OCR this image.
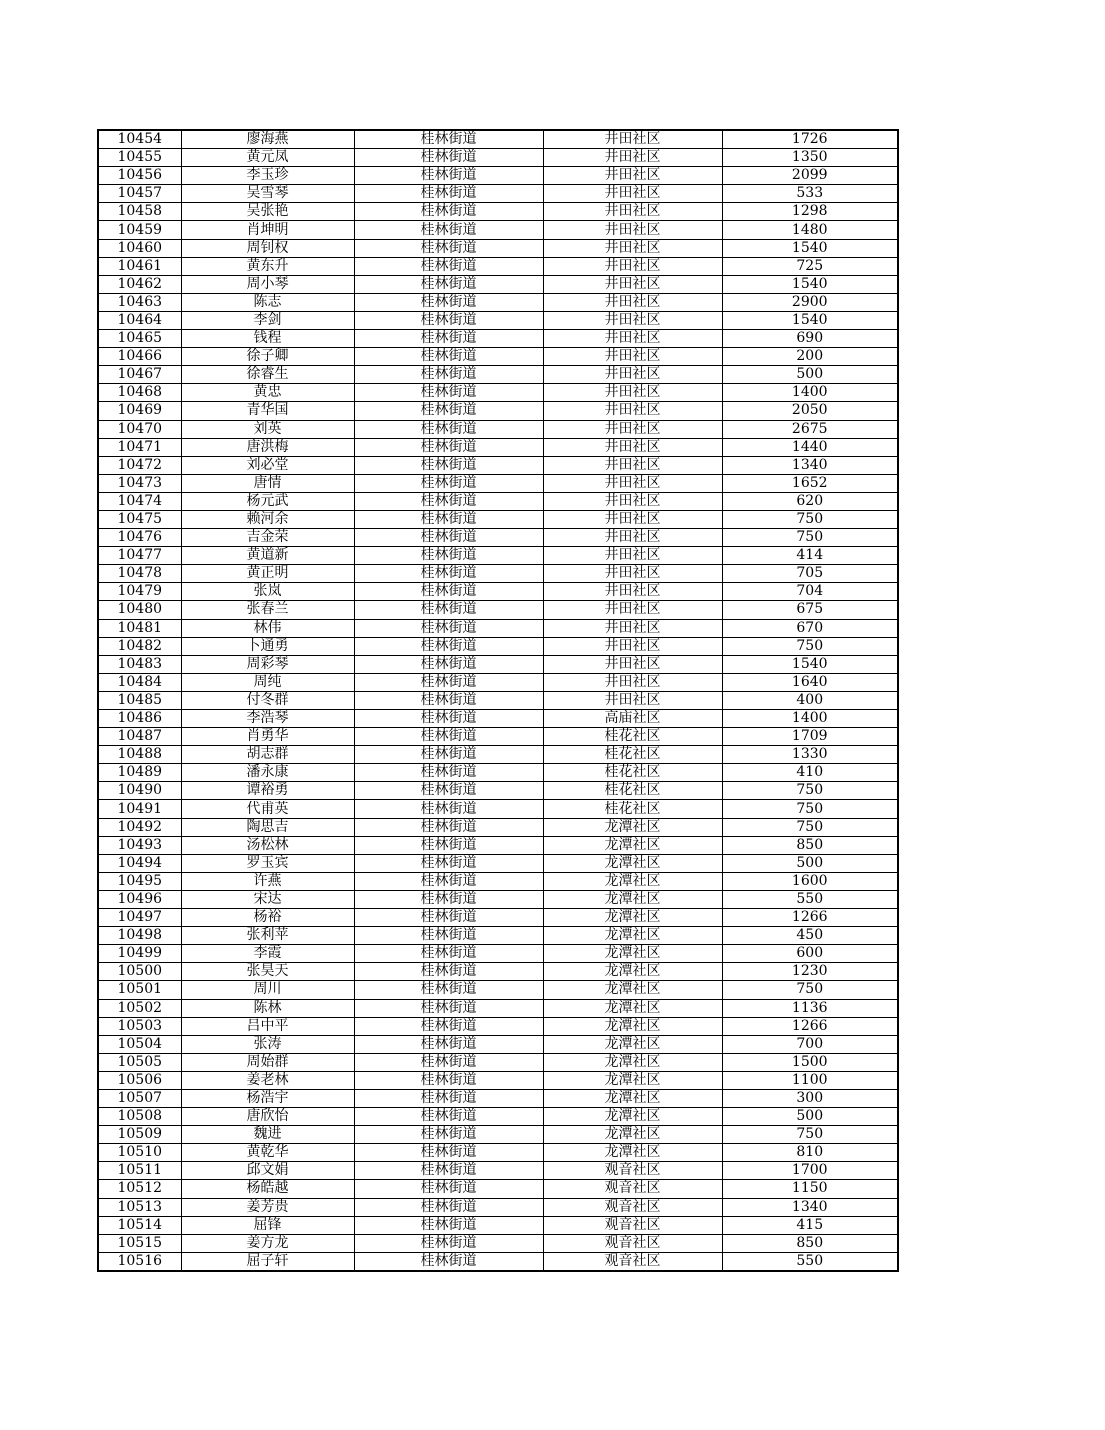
10454	廖海燕	桂林街道	井田社区	1726
10455	黄元凤	桂林街道	井田社区	1350
10456	李玉珍	桂林街道	井田社区	2099
10457	吴雪琴	桂林街道	井田社区	533
10458	吴张艳	桂林街道	井田社区	1298
10459	肖坤明	桂林街道	井田社区	1480
10460	周钊权	桂林街道	井田社区	1540
10461	黄东升	桂林街道	井田社区	725
10462	周小琴	桂林街道	井田社区	1540
10463	陈志	桂林街道	井田社区	2900
10464	李剑	桂林街道	井田社区	1540
10465	钱程	桂林街道	井田社区	690
10466	徐子卿	桂林街道	井田社区	200
10467	徐睿生	桂林街道	井田社区	500
10468	黄忠	桂林街道	井田社区	1400
10469	青华国	桂林街道	井田社区	2050
10470	刘英	桂林街道	井田社区	2675
10471	唐洪梅	桂林街道	井田社区	1440
10472	刘必堂	桂林街道	井田社区	1340
10473	唐情	桂林街道	井田社区	1652
10474	杨元武	桂林街道	井田社区	620
10475	赖河余	桂林街道	井田社区	750
10476	吉金荣	桂林街道	井田社区	750
10477	黄道新	桂林街道	井田社区	414
10478	黄正明	桂林街道	井田社区	705
10479	张岚	桂林街道	井田社区	704
10480	张春兰	桂林街道	井田社区	675
10481	林伟	桂林街道	井田社区	670
10482	卜通勇	桂林街道	井田社区	750
10483	周彩琴	桂林街道	井田社区	1540
10484	周纯	桂林街道	井田社区	1640
10485	付冬群	桂林街道	井田社区	400
10486	李浩琴	桂林街道	高庙社区	1400
10487	肖勇华	桂林街道	桂花社区	1709
10488	胡志群	桂林街道	桂花社区	1330
10489	潘永康	桂林街道	桂花社区	410
10490	谭裕勇	桂林街道	桂花社区	750
10491	代甫英	桂林街道	桂花社区	750
10492	陶思吉	桂林街道	龙潭社区	750
10493	汤松林	桂林街道	龙潭社区	850
10494	罗玉宾	桂林街道	龙潭社区	500
10495	许燕	桂林街道	龙潭社区	1600
10496	宋达	桂林街道	龙潭社区	550
10497	杨裕	桂林街道	龙潭社区	1266
10498	张利苹	桂林街道	龙潭社区	450
10499	李霞	桂林街道	龙潭社区	600
10500	张昊天	桂林街道	龙潭社区	1230
10501	周川	桂林街道	龙潭社区	750
10502	陈林	桂林街道	龙潭社区	1136
10503	吕中平	桂林街道	龙潭社区	1266
10504	张涛	桂林街道	龙潭社区	700
10505	周始群	桂林街道	龙潭社区	1500
10506	姜老林	桂林街道	龙潭社区	1100
10507	杨浩宇	桂林街道	龙潭社区	300
10508	唐欣怡	桂林街道	龙潭社区	500
10509	魏进	桂林街道	龙潭社区	750
10510	黄乾华	桂林街道	龙潭社区	810
10511	邱文娟	桂林街道	观音社区	1700
10512	杨皓越	桂林街道	观音社区	1150
10513	姜芳贵	桂林街道	观音社区	1340
10514	屈锋	桂林街道	观音社区	415
10515	姜方龙	桂林街道	观音社区	850
10516	屈子轩	桂林街道	观音社区	550
